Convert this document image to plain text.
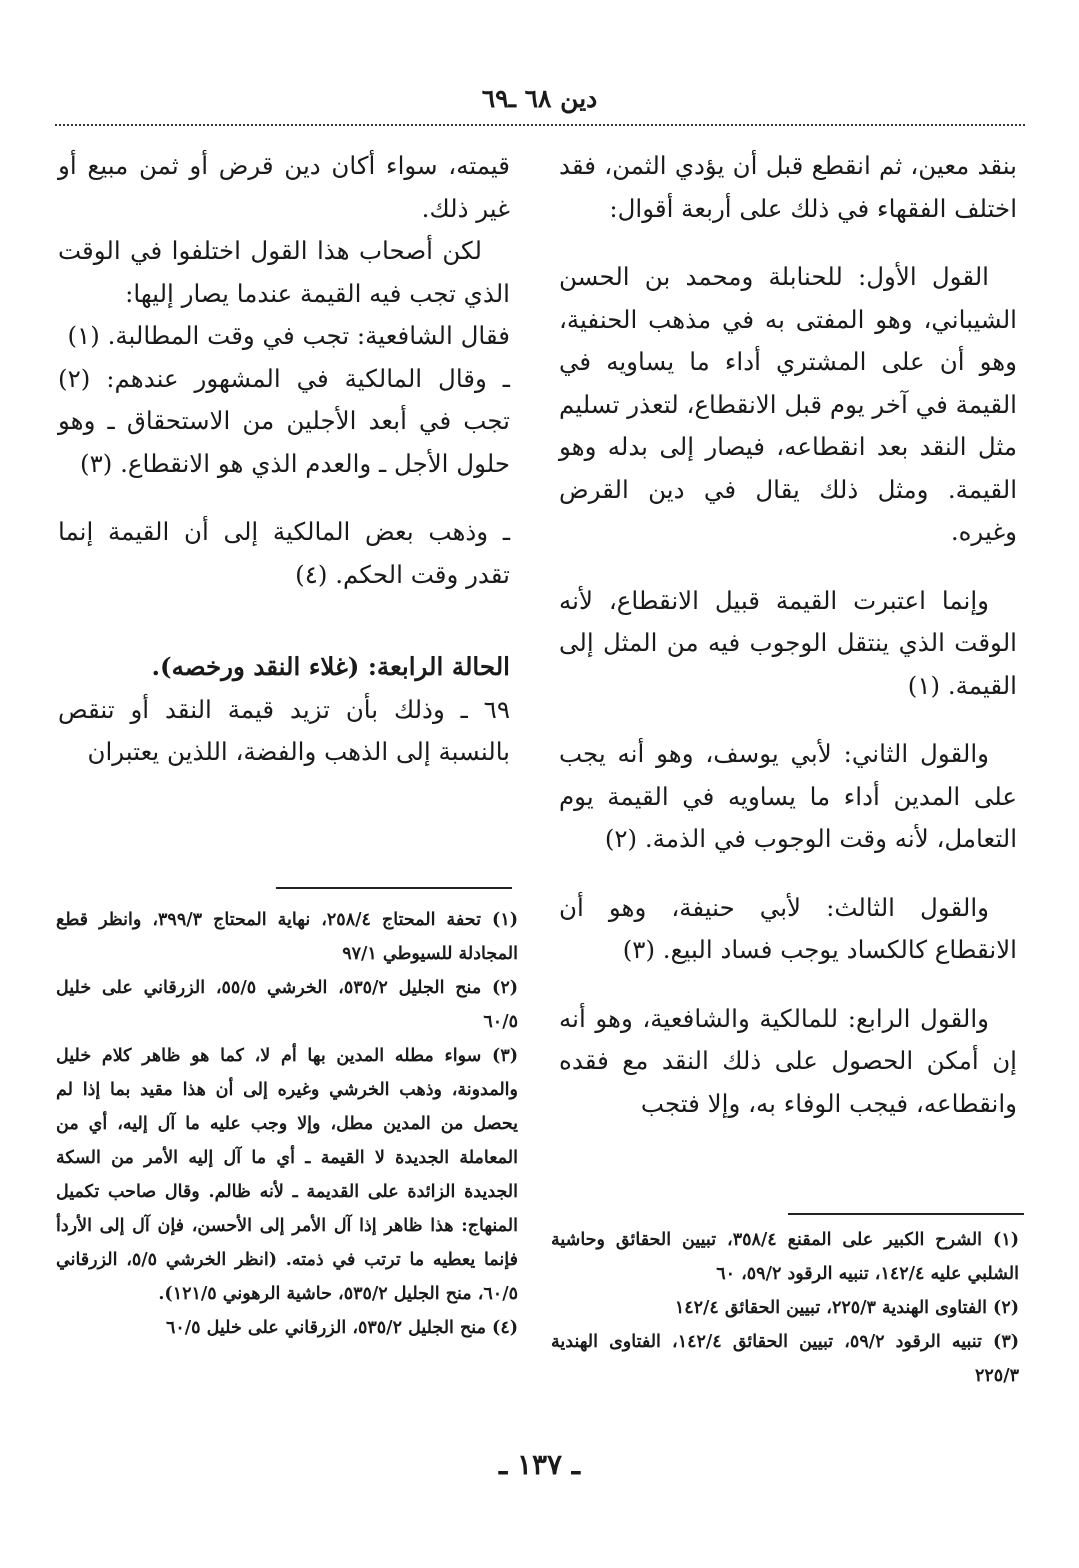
دين ٦٨ ـ٦٩

بنقد معين، ثم انقطع قبل أن يؤدي الثمن، فقد اختلف الفقهاء في ذلك على أربعة أقوال:

القول الأول: للحنابلة ومحمد بن الحسن الشيباني، وهو المفتى به في مذهب الحنفية، وهو أن على المشتري أداء ما يساويه في القيمة في آخر يوم قبل الانقطاع، لتعذر تسليم مثل النقد بعد انقطاعه، فيصار إلى بدله وهو القيمة. ومثل ذلك يقال في دين القرض وغيره.

وإنما اعتبرت القيمة قبيل الانقطاع، لأنه الوقت الذي ينتقل الوجوب فيه من المثل إلى القيمة. (١)

والقول الثاني: لأبي يوسف، وهو أنه يجب على المدين أداء ما يساويه في القيمة يوم التعامل، لأنه وقت الوجوب في الذمة. (٢)

والقول الثالث: لأبي حنيفة، وهو أن الانقطاع كالكساد يوجب فساد البيع. (٣)

والقول الرابع: للمالكية والشافعية، وهو أنه إن أمكن الحصول على ذلك النقد مع فقده وانقطاعه، فيجب الوفاء به، وإلا فتجب

قيمته، سواء أكان دين قرض أو ثمن مبيع أو غير ذلك.

لكن أصحاب هذا القول اختلفوا في الوقت الذي تجب فيه القيمة عندما يصار إليها:

فقال الشافعية: تجب في وقت المطالبة. (١)

ـ وقال المالكية في المشهور عندهم: (٢) تجب في أبعد الأجلين من الاستحقاق ـ وهو حلول الأجل ـ والعدم الذي هو الانقطاع. (٣)

ـ وذهب بعض المالكية إلى أن القيمة إنما تقدر وقت الحكم. (٤)

الحالة الرابعة: (غلاء النقد ورخصه).

٦٩ ـ وذلك بأن تزيد قيمة النقد أو تنقص بالنسبة إلى الذهب والفضة، اللذين يعتبران

(١) تحفة المحتاج ٢٥٨/٤، نهاية المحتاج ٣٩٩/٣، وانظر قطع المجادلة للسيوطي ٩٧/١

(٢) منح الجليل ٥٣٥/٢، الخرشي ٥٥/٥، الزرقاني على خليل ٦٠/٥

(٣) سواء مطله المدين بها أم لا، كما هو ظاهر كلام خليل والمدونة، وذهب الخرشي وغيره إلى أن هذا مقيد بما إذا لم يحصل من المدين مطل، وإلا وجب عليه ما آل إليه، أي من المعاملة الجديدة لا القيمة ـ أي ما آل إليه الأمر من السكة الجديدة الزائدة على القديمة ـ لأنه ظالم. وقال صاحب تكميل المنهاج: هذا ظاهر إذا آل الأمر إلى الأحسن، فإن آل إلى الأردأ فإنما يعطيه ما ترتب في ذمته. (انظر الخرشي ٥/٥، الزرقاني ٦٠/٥، منح الجليل ٥٣٥/٢، حاشية الرهوني ١٢١/٥).

(٤) منح الجليل ٥٣٥/٢، الزرقاني على خليل ٦٠/٥

(١) الشرح الكبير على المقنع ٣٥٨/٤، تبيين الحقائق وحاشية الشلبي عليه ١٤٢/٤، تنبيه الرقود ٥٩/٢، ٦٠

(٢) الفتاوى الهندية ٢٢٥/٣، تبيين الحقائق ١٤٢/٤

(٣) تنبيه الرقود ٥٩/٢، تبيين الحقائق ١٤٢/٤، الفتاوى الهندية ٢٢٥/٣

ـ ١٣٧ ـ
